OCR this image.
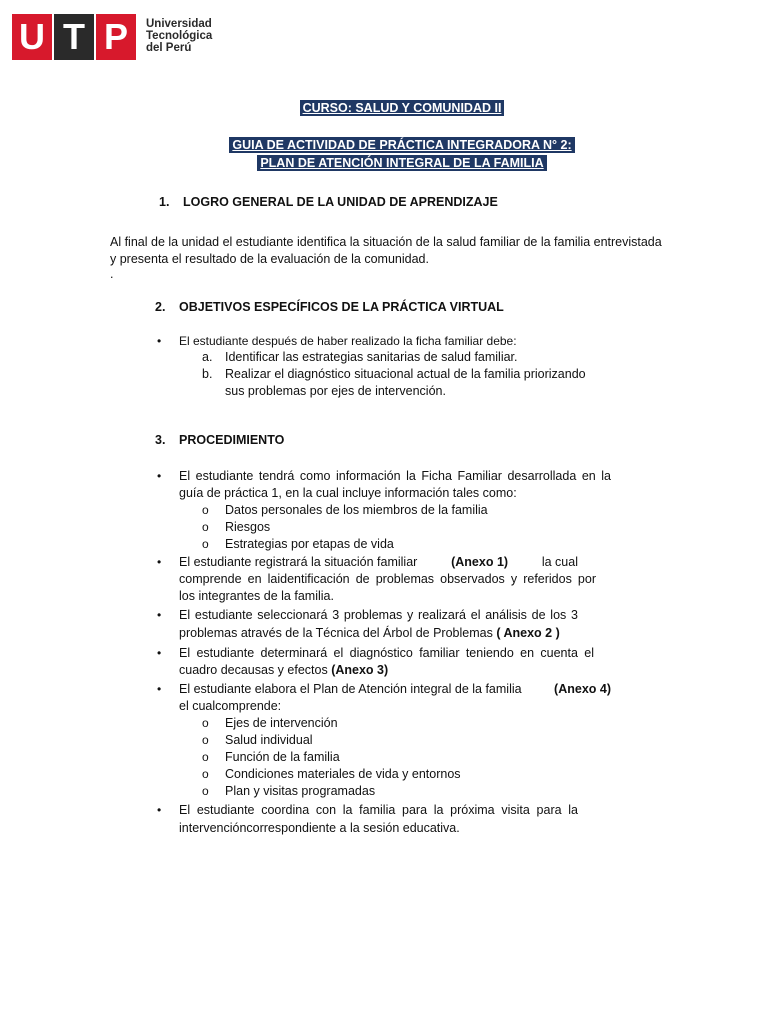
U T P	Universidad
Tecnológica
del Perú
CURSO: SALUD Y COMUNIDAD II
GUIA DE ACTIVIDAD DE PRÁCTICA INTEGRADORA N° 2:
PLAN DE ATENCIÓN INTEGRAL DE LA FAMILIA
1. LOGRO GENERAL DE LA UNIDAD DE APRENDIZAJE
Al final de la unidad el estudiante identifica la situación de la salud familiar de la familia entrevistada
y presenta el resultado de la evaluación de la comunidad.
.
2. OBJETIVOS ESPECÍFICOS DE LA PRÁCTICA VIRTUAL
• El estudiante después de haber realizado la ficha familiar debe:
a. Identificar las estrategias sanitarias de salud familiar.
b. Realizar el diagnóstico situacional actual de la familia priorizando
sus problemas por ejes de intervención.
3. PROCEDIMIENTO
• El estudiante tendrá como información la Ficha Familiar desarrollada en la
guía de práctica 1, en la cual incluye información tales como:
o Datos personales de los miembros de la familia
o Riesgos
o Estrategias por etapas de vida
• El estudiante registrará la situación familiar	(Anexo 1)	la cual
comprende en laidentificación de problemas observados y referidos por
los integrantes de la familia.
• El estudiante seleccionará 3 problemas y realizará el análisis de los 3
problemas através de la Técnica del Árbol de Problemas ( Anexo 2 )
• El estudiante determinará el diagnóstico familiar teniendo en cuenta el
cuadro decausas y efectos (Anexo 3)
• El estudiante elabora el Plan de Atención integral de la familia	(Anexo 4)
el cualcomprende:
o Ejes de intervención
o Salud individual
o Función de la familia
o Condiciones materiales de vida y entornos
o Plan y visitas programadas
• El estudiante coordina con la familia para la próxima visita para la
intervencióncorrespondiente a la sesión educativa.
